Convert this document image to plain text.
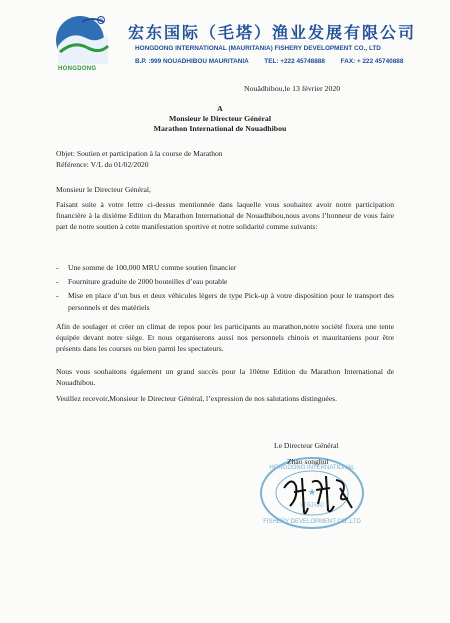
R
HONGDONG
宏东国际（毛塔）渔业发展有限公司
HONGDONG INTERNATIONAL (MAURITANIA) FISHERY DEVELOPMENT CO., LTD
B.P. :999 NOUADHIBOU MAURITANIA TEL: +222 45748888 FAX: + 222 45740888
Nouâdhibou,le 13 février 2020
A
Monsieur le Directeur Général
Marathon International de Nouadhibou
Objet: Soutien et participation à la course de Marathon
Référence: V/L du 01/02/2020
Monsieur le Directeur Général,
Faisant suite à votre lettre ci-dessus mentionnée dans laquelle vous souhaitez avoir notre participation financière à la dixième Edition du Marathon International de Nouadhibou,nous avons l’honneur de vous faire part de notre soutien à cette manifestation sportive et notre solidarité comme suivants:
- Une somme de 100,000 MRU comme soutien financier
- Fourniture graduite de 2000 bouteilles d’eau potable
- Mise en place d’un bus et deux véhicules légers de type Pick-up à votre disposition pour le transport des personnels et des matériels
Afin de soulager et créer un climat de repos pour les participants au marathon,notre société fixera une tente équipée devant notre siège. Et nous organiserons aussi nos personnels chinois et mauritaniens pour être présents dans les courses ou bien parmi les spectateurs.
Nous vous souhaitons également un grand succès pour la 10ème Edition du Marathon International de Nouadhibou.
Veuillez recevoir,Monsieur le Directeur Général, l’expression de nos salutations distinguées.
HONGDONG INTERNATIONAL
FISHERY DEVELOPMENT CO.,LTD
宏东国际
★
Le Directeur Général
Zhao songhui
